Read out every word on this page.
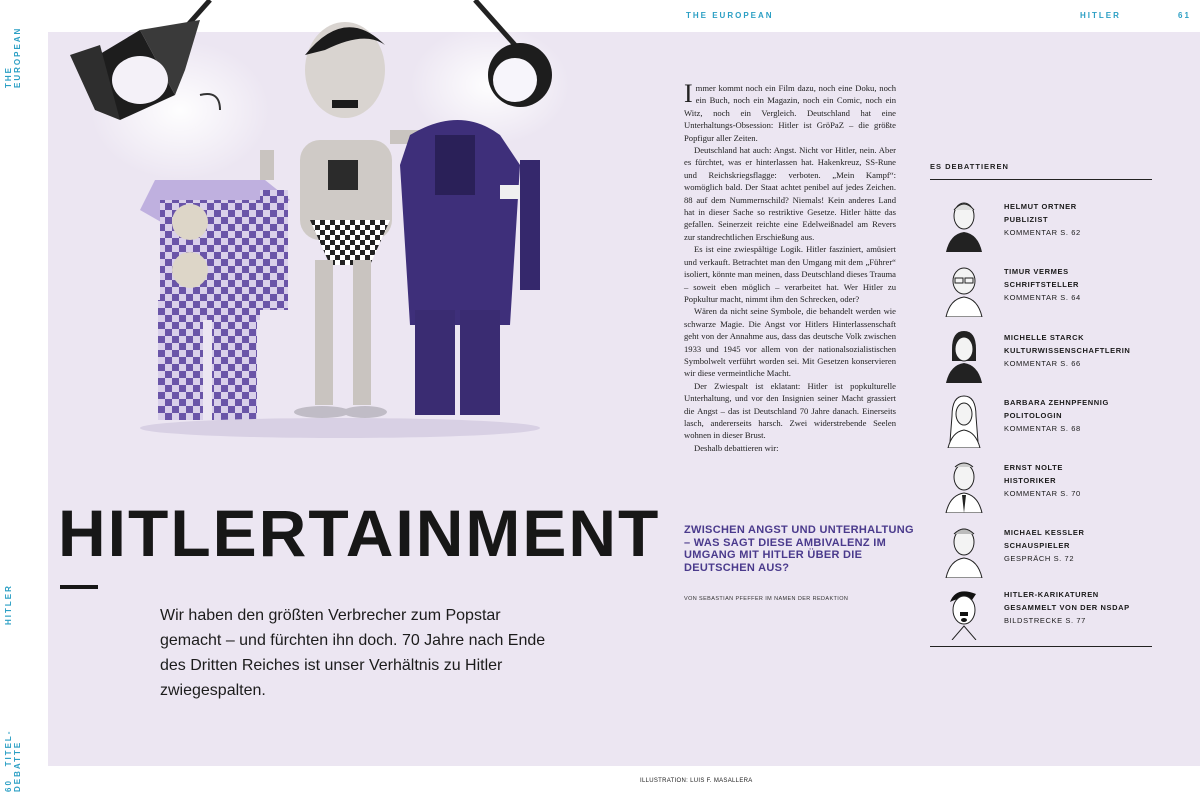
THE EUROPEAN
HITLER
60   TITEL-DEBATTE
THE EUROPEAN	HITLER	61
HITLERTAINMENT
Wir haben den größten Verbrecher zum Popstar gemacht – und fürchten ihn doch. 70 Jahre nach Ende des Dritten Reiches ist unser Verhältnis zu Hitler zwiegespalten.

Immer kommt noch ein Film dazu, noch eine Doku, noch ein Buch, noch ein Magazin, noch ein Comic, noch ein Witz, noch ein Vergleich. Deutschland hat eine Unterhaltungs-Obsession: Hitler ist GröPaZ – die größte Popfigur aller Zeiten.

Deutschland hat auch: Angst. Nicht vor Hitler, nein. Aber es fürchtet, was er hinterlassen hat. Hakenkreuz, SS-Rune und Reichskriegsflagge: verboten. „Mein Kampf“: womöglich bald. Der Staat achtet penibel auf jedes Zeichen. 88 auf dem Nummernschild? Niemals! Kein anderes Land hat in dieser Sache so restriktive Gesetze. Hitler hätte das gefallen. Seinerzeit reichte eine Edelweißnadel am Revers zur standrechtlichen Erschießung aus.

Es ist eine zwiespältige Logik. Hitler fasziniert, amüsiert und verkauft. Betrachtet man den Umgang mit dem „Führer“ isoliert, könnte man meinen, dass Deutschland dieses Trauma – soweit eben möglich – verarbeitet hat. Wer Hitler zu Popkultur macht, nimmt ihm den Schrecken, oder?

Wären da nicht seine Symbole, die behandelt werden wie schwarze Magie. Die Angst vor Hitlers Hinterlassenschaft geht von der Annahme aus, dass das deutsche Volk zwischen 1933 und 1945 vor allem von der nationalsozialistischen Symbolwelt verführt worden sei. Mit Gesetzen konservieren wir diese vermeintliche Macht.

Der Zwiespalt ist eklatant: Hitler ist popkulturelle Unterhaltung, und vor den Insignien seiner Macht grassiert die Angst – das ist Deutschland 70 Jahre danach. Einerseits lasch, andererseits harsch. Zwei widerstrebende Seelen wohnen in dieser Brust.

Deshalb debattieren wir:

ZWISCHEN ANGST UND UNTERHALTUNG – WAS SAGT DIESE AMBIVALENZ IM UMGANG MIT HITLER ÜBER DIE DEUTSCHEN AUS?
VON SEBASTIAN PFEFFER IM NAMEN DER REDAKTION
ES DEBATTIEREN
HELMUT ORTNER
PUBLIZIST
KOMMENTAR S. 62
TIMUR VERMES
SCHRIFTSTELLER
KOMMENTAR S. 64
MICHELLE STARCK
KULTURWISSENSCHAFTLERIN
KOMMENTAR S. 66
BARBARA ZEHNPFENNIG
POLITOLOGIN
KOMMENTAR S. 68
ERNST NOLTE
HISTORIKER
KOMMENTAR S. 70
MICHAEL KESSLER
SCHAUSPIELER
GESPRÄCH S. 72
HITLER-KARIKATUREN
GESAMMELT VON DER NSDAP
BILDSTRECKE S. 77
ILLUSTRATION: LUIS F. MASALLERA
